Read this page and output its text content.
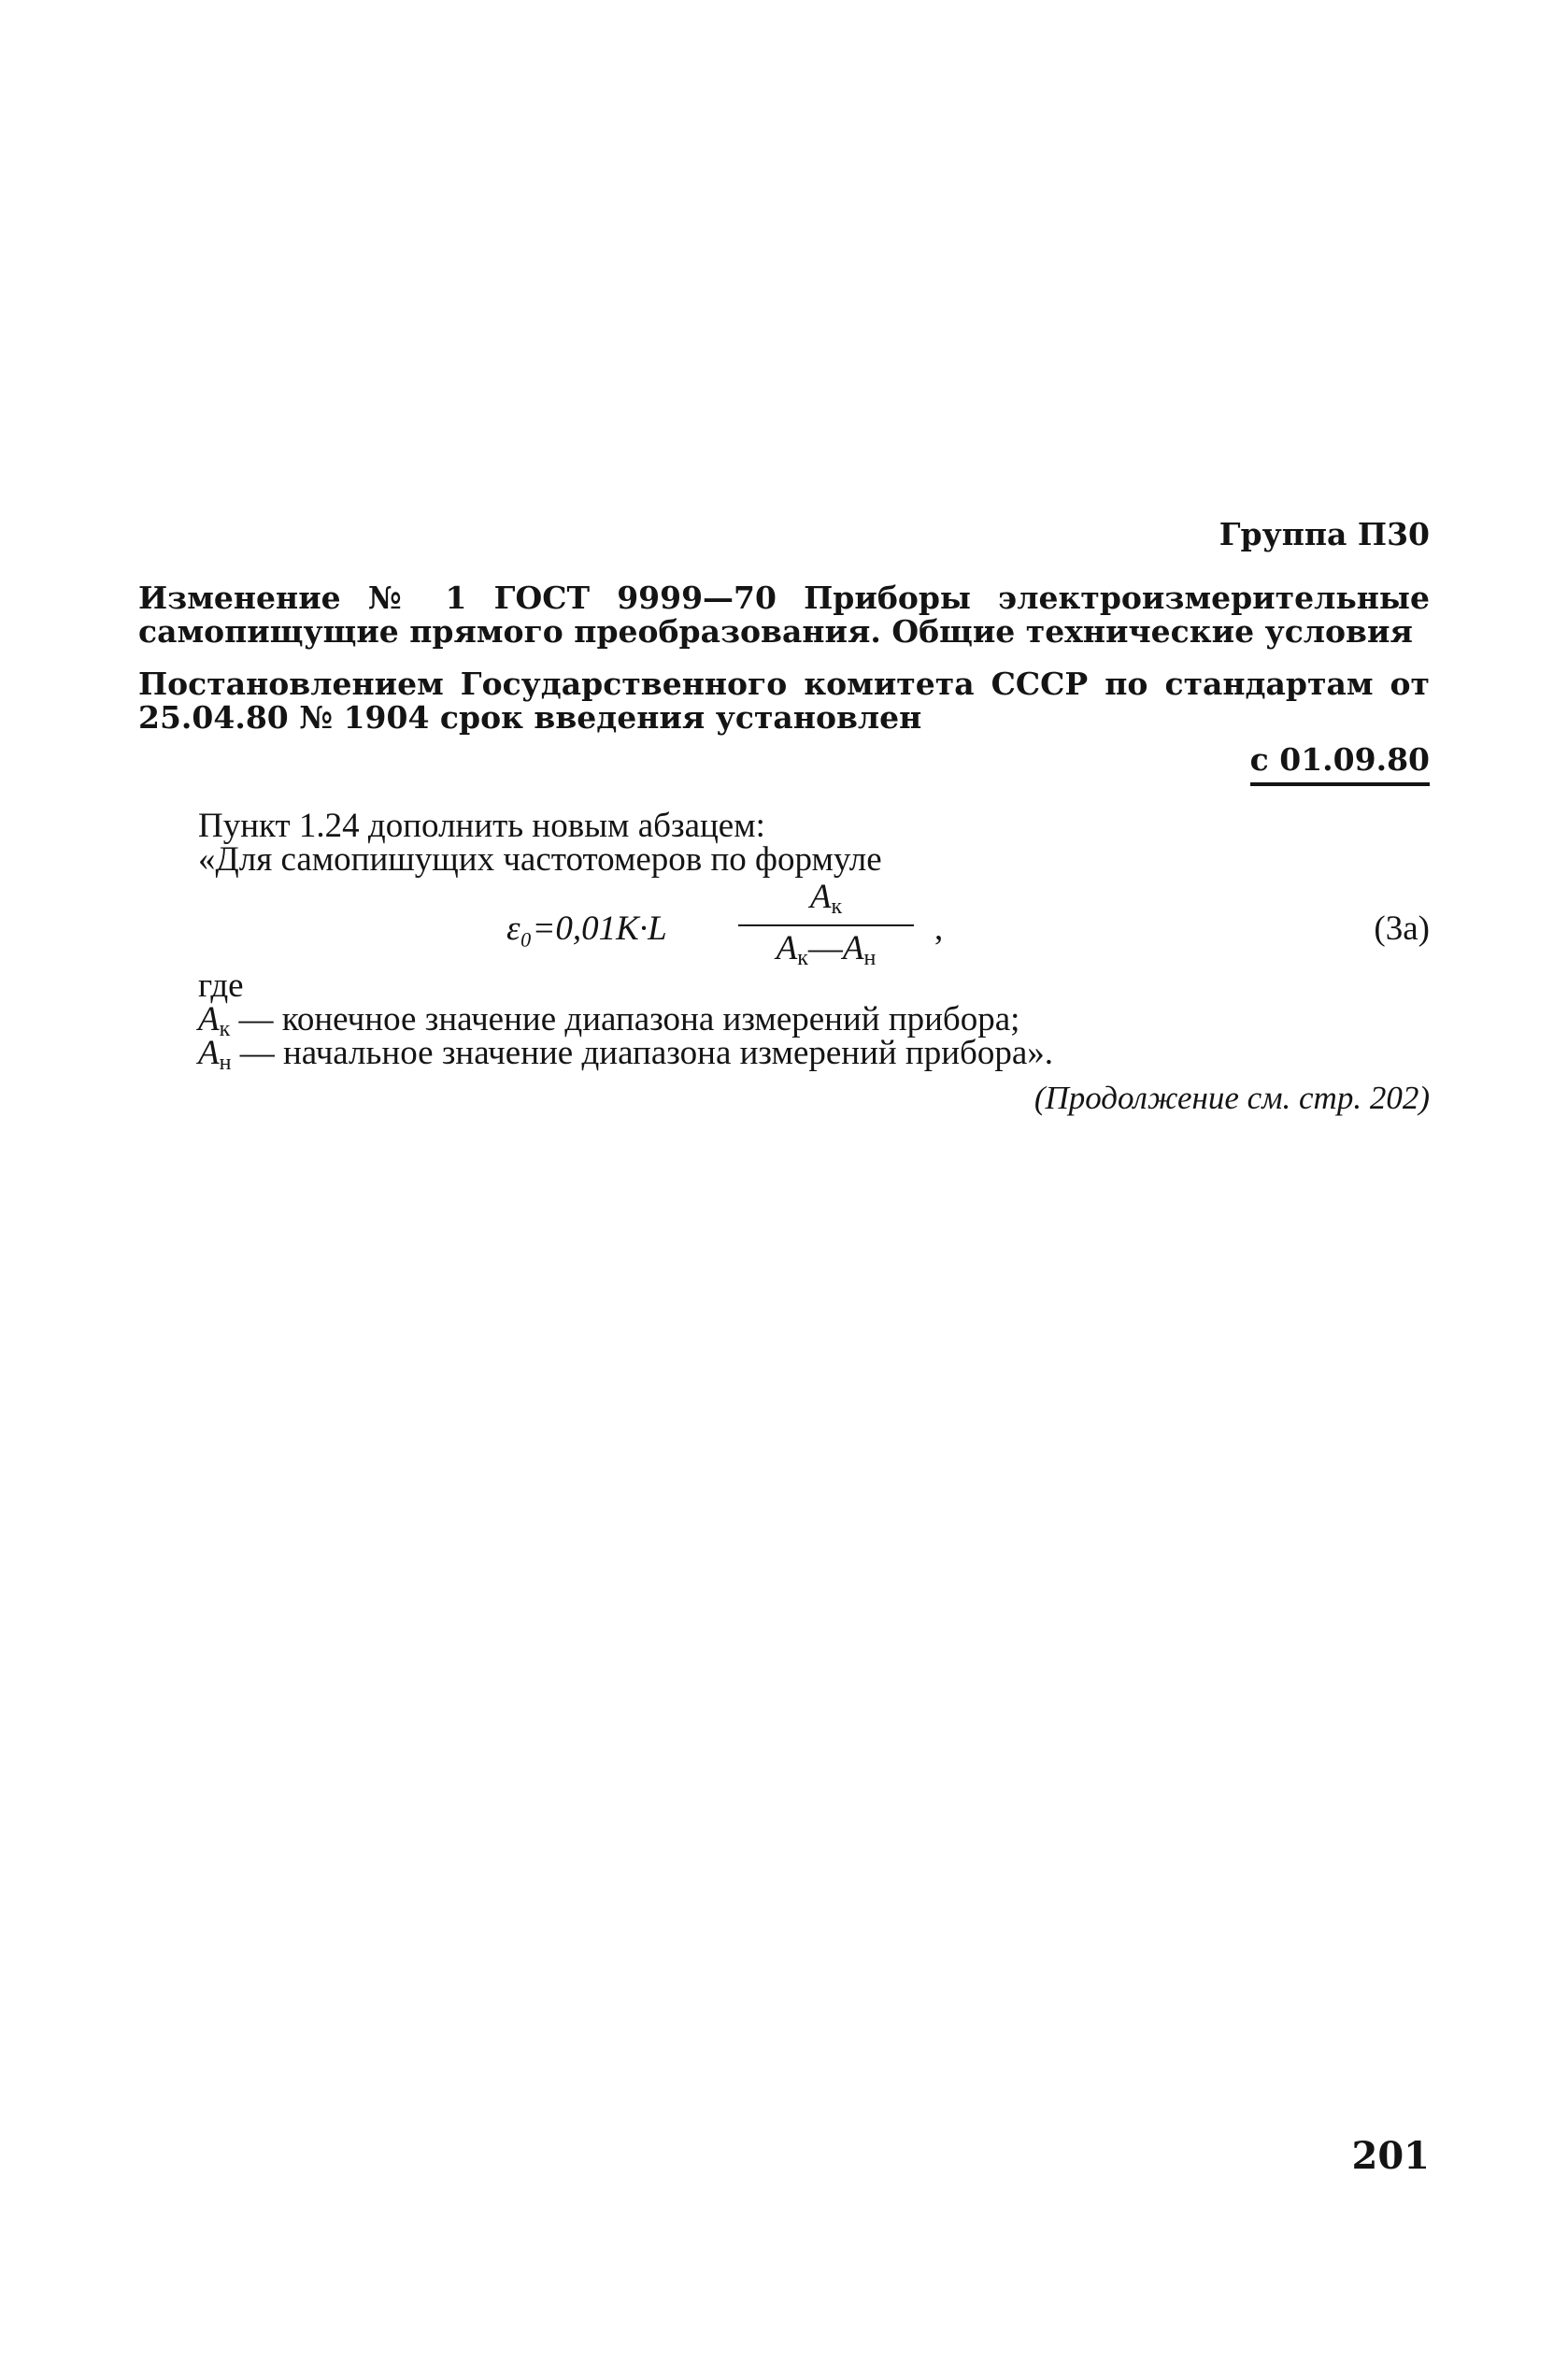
Группа П30
Изменение № 1 ГОСТ 9999—70 Приборы электроизмерительные самопищущие прямого преобразования. Общие технические условия
Постановлением Государственного комитета СССР по стандартам от 25.04.80 № 1904 срок введения установлен
с 01.09.80
Пункт 1.24 дополнить новым абзацем:
«Для самопишущих частотомеров по формуле
ε₀=0,01K·L
$A_к$
$A_к—A_н$
,	(3а)
где
$A_к$ — конечное значение диапазона измерений прибора;
$A_н$ — начальное значение диапазона измерений прибора».
(Продолжение см. стр. 202)
201
